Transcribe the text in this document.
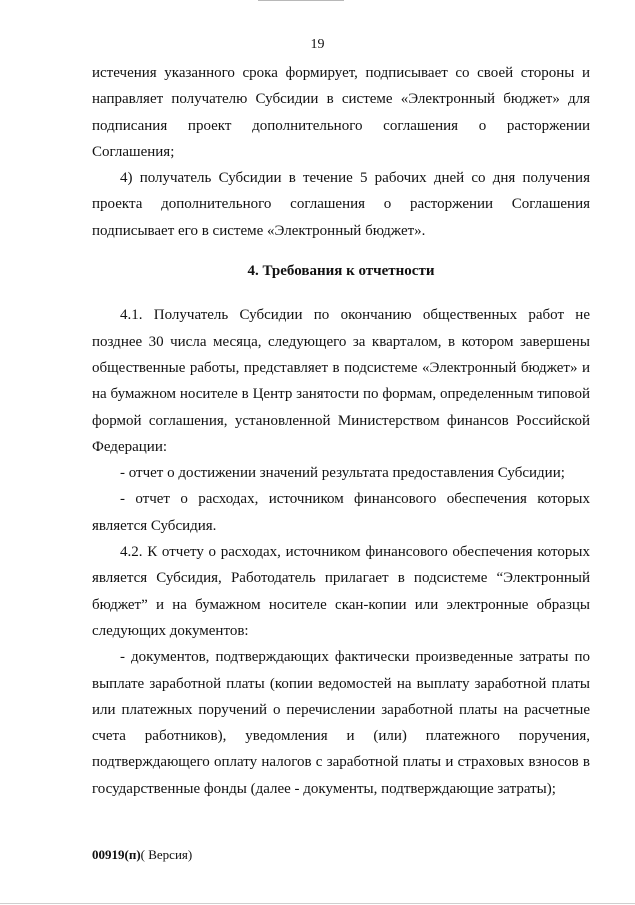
19

истечения указанного срока формирует, подписывает со своей стороны и направляет получателю Субсидии в системе «Электронный бюджет» для подписания проект дополнительного соглашения о расторжении Соглашения;

4) получатель Субсидии в течение 5 рабочих дней со дня получения проекта дополнительного соглашения о расторжении Соглашения подписывает его в системе «Электронный бюджет».

4. Требования к отчетности

4.1. Получатель Субсидии по окончанию общественных работ не позднее 30 числа месяца, следующего за кварталом, в котором завершены общественные работы, представляет в подсистеме «Электронный бюджет» и на бумажном носителе в Центр занятости по формам, определенным типовой формой соглашения, установленной Министерством финансов Российской Федерации:

- отчет о достижении значений результата предоставления Субсидии;

- отчет о расходах, источником финансового обеспечения которых является Субсидия.

4.2. К отчету о расходах, источником финансового обеспечения которых является Субсидия, Работодатель прилагает в подсистеме “Электронный бюджет” и на бумажном носителе скан-копии или электронные образцы следующих документов:

- документов, подтверждающих фактически произведенные затраты по выплате заработной платы (копии ведомостей на выплату заработной платы или платежных поручений о перечислении заработной платы на расчетные счета работников), уведомления и (или) платежного поручения, подтверждающего оплату налогов с заработной платы и страховых взносов в государственные фонды (далее - документы, подтверждающие затраты);

00919(п)( Версия)
